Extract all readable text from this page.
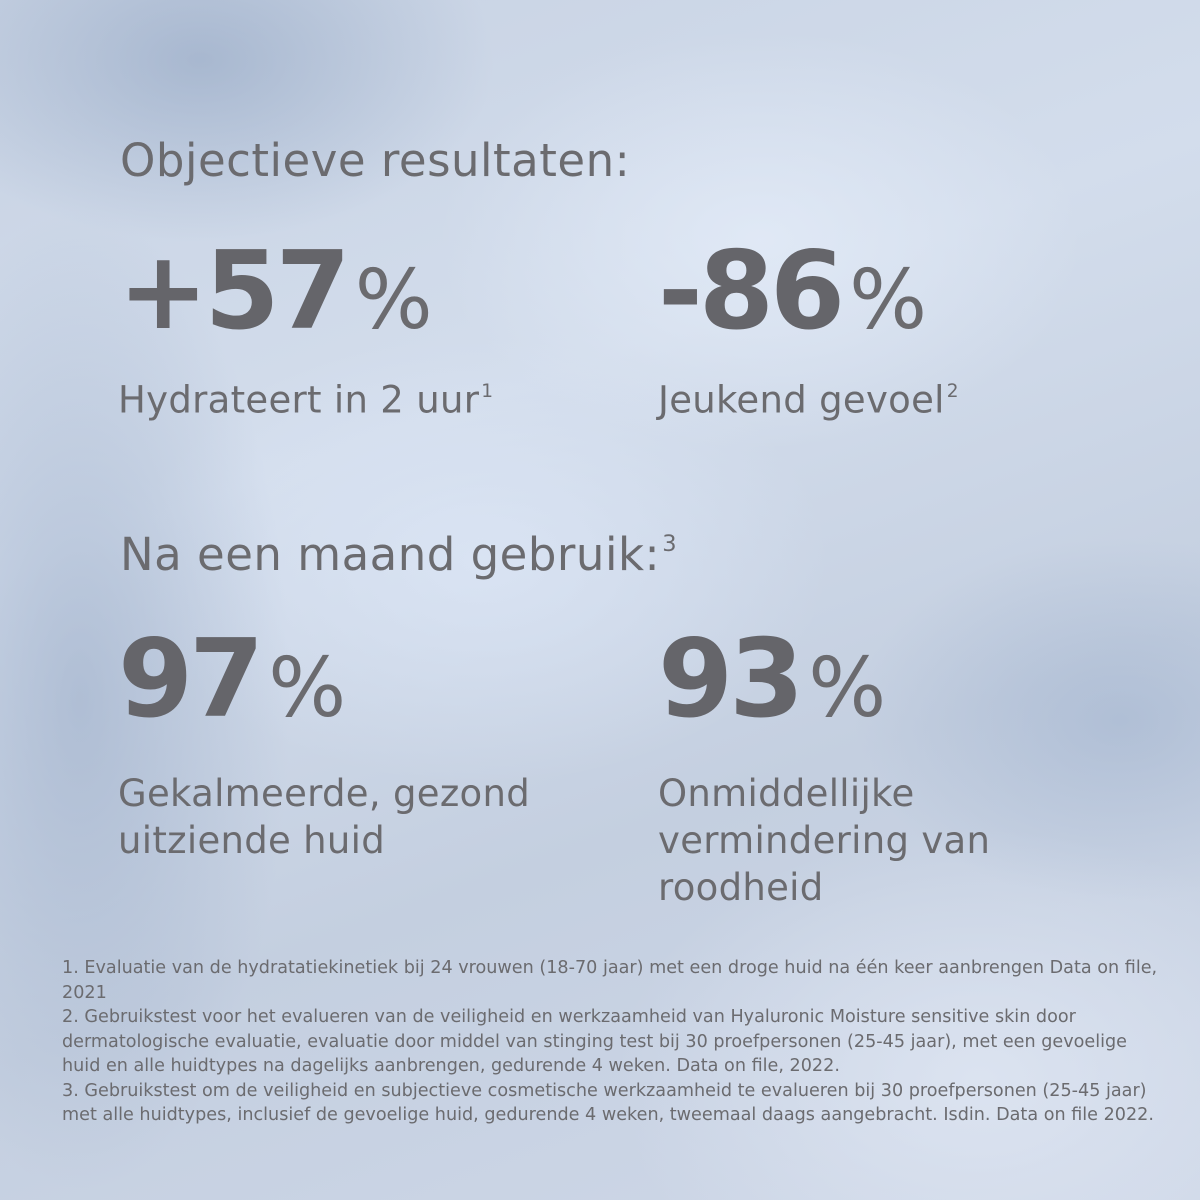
Objectieve resultaten:
+57%
Hydrateert in 2 uur $^1$
-86%
Jeukend gevoel $^2$
Na een maand gebruik:$^3$
97%
Gekalmeerde, gezond
uitziende huid
93%
Onmiddellijke
vermindering van
roodheid

1. Evaluatie van de hydratatiekinetiek bij 24 vrouwen (18-70 jaar) met een droge huid na één keer aanbrengen Data on file, 2021

2. Gebruikstest voor het evalueren van de veiligheid en werkzaamheid van Hyaluronic Moisture sensitive skin door dermatologische evaluatie, evaluatie door middel van stinging test bij 30 proefpersonen (25-45 jaar), met een gevoelige huid en alle huidtypes na dagelijks aanbrengen, gedurende 4 weken. Data on file, 2022.

3. Gebruikstest om de veiligheid en subjectieve cosmetische werkzaamheid te evalueren bij 30 proefpersonen (25-45 jaar) met alle huidtypes, inclusief de gevoelige huid, gedurende 4 weken, tweemaal daags aangebracht. Isdin. Data on file 2022.
